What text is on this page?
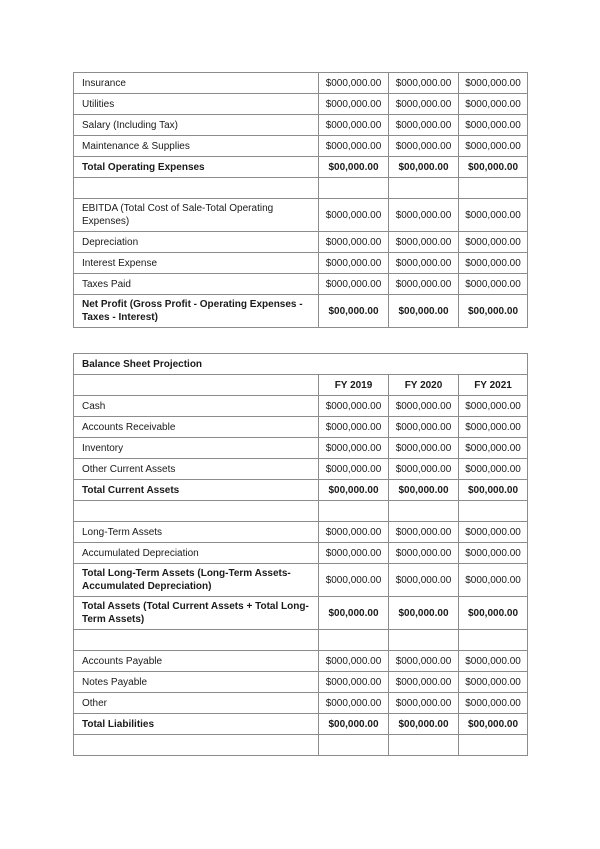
Insurance	$000,000.00	$000,000.00	$000,000.00
Utilities	$000,000.00	$000,000.00	$000,000.00
Salary (Including Tax)	$000,000.00	$000,000.00	$000,000.00
Maintenance & Supplies	$000,000.00	$000,000.00	$000,000.00
Total Operating Expenses	$00,000.00	$00,000.00	$00,000.00

EBITDA (Total Cost of Sale-Total Operating Expenses)	$000,000.00	$000,000.00	$000,000.00
Depreciation	$000,000.00	$000,000.00	$000,000.00
Interest Expense	$000,000.00	$000,000.00	$000,000.00
Taxes Paid	$000,000.00	$000,000.00	$000,000.00
Net Profit (Gross Profit - Operating Expenses - Taxes - Interest)	$00,000.00	$00,000.00	$00,000.00
Balance Sheet Projection			
	FY 2019	FY 2020	FY 2021
Cash	$000,000.00	$000,000.00	$000,000.00
Accounts Receivable	$000,000.00	$000,000.00	$000,000.00
Inventory	$000,000.00	$000,000.00	$000,000.00
Other Current Assets	$000,000.00	$000,000.00	$000,000.00
Total Current Assets	$00,000.00	$00,000.00	$00,000.00

Long-Term Assets	$000,000.00	$000,000.00	$000,000.00
Accumulated Depreciation	$000,000.00	$000,000.00	$000,000.00
Total Long-Term Assets (Long-Term Assets-Accumulated Depreciation)	$000,000.00	$000,000.00	$000,000.00
Total Assets (Total Current Assets + Total Long-Term Assets)	$00,000.00	$00,000.00	$00,000.00

Accounts Payable	$000,000.00	$000,000.00	$000,000.00
Notes Payable	$000,000.00	$000,000.00	$000,000.00
Other	$000,000.00	$000,000.00	$000,000.00
Total Liabilities	$00,000.00	$00,000.00	$00,000.00
